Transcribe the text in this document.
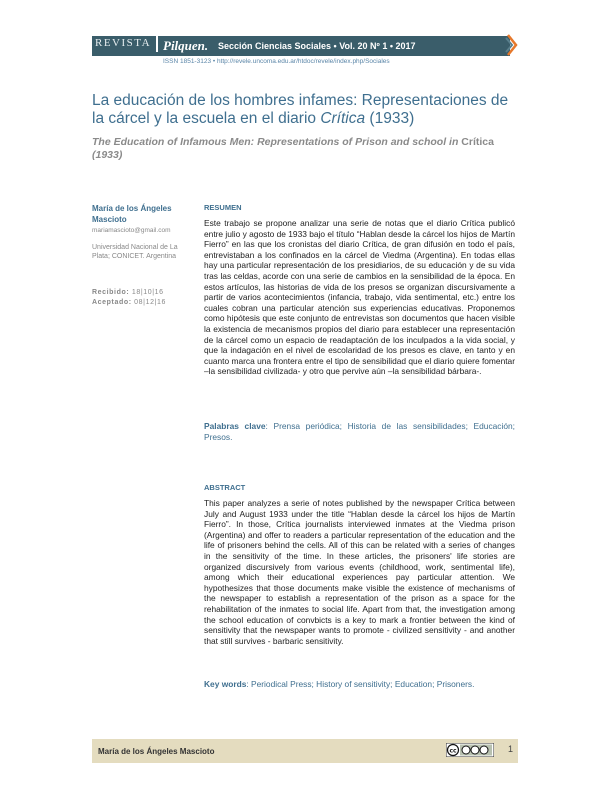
REVISTA Pilquen. Sección Ciencias Sociales • Vol. 20 Nº 1 • 2017
ISSN 1851-3123 • http://revele.uncoma.edu.ar/htdoc/revele/index.php/Sociales
La educación de los hombres infames: Representaciones de la cárcel y la escuela en el diario Crítica (1933)
The Education of Infamous Men: Representations of Prison and school in Crítica (1933)
María de los Ángeles Mascioto
mariamascioto@gmail.com
Universidad Nacional de La Plata; CONICET. Argentina
Recibido: 18|10|16
Aceptado: 08|12|16
RESUMEN
Este trabajo se propone analizar una serie de notas que el diario Crítica publicó entre julio y agosto de 1933 bajo el título “Hablan desde la cárcel los hijos de Martín Fierro” en las que los cronistas del diario Crítica, de gran difusión en todo el país, entrevistaban a los confinados en la cárcel de Viedma (Argentina). En todas ellas hay una particular representación de los presidiarios, de su educación y de su vida tras las celdas, acorde con una serie de cambios en la sensibilidad de la época. En estos artículos, las historias de vida de los presos se organizan discursivamente a partir de varios acontecimientos (infancia, trabajo, vida sentimental, etc.) entre los cuales cobran una particular atención sus experiencias educativas. Proponemos como hipótesis que este conjunto de entrevistas son documentos que hacen visible la existencia de mecanismos propios del diario para establecer una representación de la cárcel como un espacio de readaptación de los inculpados a la vida social, y que la indagación en el nivel de escolaridad de los presos es clave, en tanto y en cuanto marca una frontera entre el tipo de sensibilidad que el diario quiere fomentar –la sensibilidad civilizada- y otro que pervive aún –la sensibilidad bárbara-.
Palabras clave: Prensa periódica; Historia de las sensibilidades; Educación; Presos.
ABSTRACT
This paper analyzes a serie of notes published by the newspaper Crítica between July and August 1933 under the title “Hablan desde la cárcel los hijos de Martín Fierro”. In those, Crítica journalists interviewed inmates at the Viedma prison (Argentina) and offer to readers a particular representation of the education and the life of prisoners behind the cells. All of this can be related with a series of changes in the sensitivity of the time. In these articles, the prisoners' life stories are organized discursively from various events (childhood, work, sentimental life), among which their educational experiences pay particular attention. We hypothesizes that those documents make visible the existence of mechanisms of the newspaper to establish a representation of the prison as a space for the rehabilitation of the inmates to social life. Apart from that, the investigation among the school education of convbicts is a key to mark a frontier between the kind of sensitivity that the newspaper wants to promote - civilized sensitivity - and another that still survives - barbaric sensitivity.
Key words: Periodical Press; History of sensitivity; Education; Prisoners.
María de los Ángeles Mascioto	cc	1
